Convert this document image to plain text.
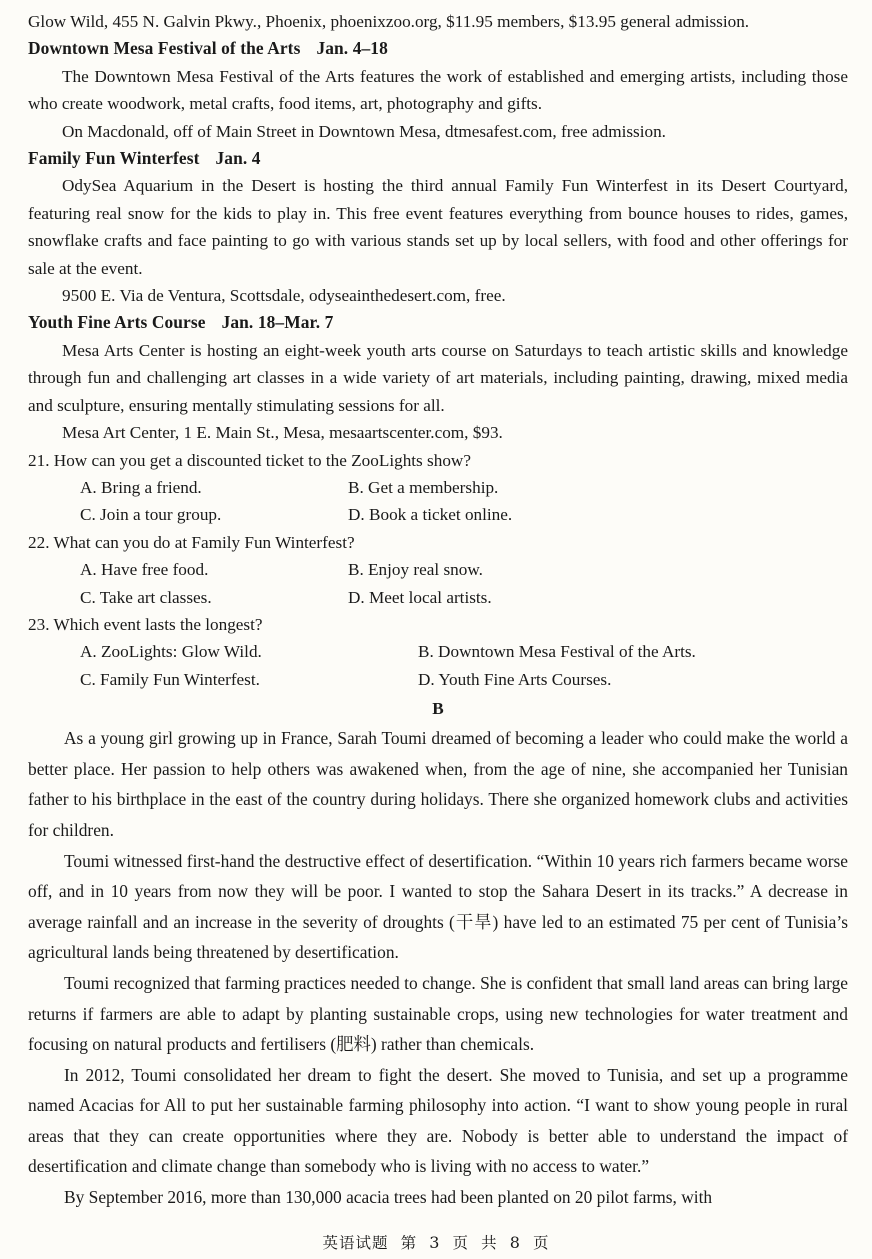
Glow Wild, 455 N. Galvin Pkwy., Phoenix, phoenixzoo.org, $11.95 members, $13.95 general admission.

Downtown Mesa Festival of the Arts Jan. 4–18

The Downtown Mesa Festival of the Arts features the work of established and emerging artists, including those who create woodwork, metal crafts, food items, art, photography and gifts.

On Macdonald, off of Main Street in Downtown Mesa, dtmesafest.com, free admission.

Family Fun Winterfest Jan. 4

OdySea Aquarium in the Desert is hosting the third annual Family Fun Winterfest in its Desert Courtyard, featuring real snow for the kids to play in. This free event features everything from bounce houses to rides, games, snowflake crafts and face painting to go with various stands set up by local sellers, with food and other offerings for sale at the event.

9500 E. Via de Ventura, Scottsdale, odyseainthedesert.com, free.

Youth Fine Arts Course Jan. 18–Mar. 7

Mesa Arts Center is hosting an eight-week youth arts course on Saturdays to teach artistic skills and knowledge through fun and challenging art classes in a wide variety of art materials, including painting, drawing, mixed media and sculpture, ensuring mentally stimulating sessions for all.

Mesa Art Center, 1 E. Main St., Mesa, mesaartscenter.com, $93.

21. How can you get a discounted ticket to the ZooLights show?

A. Bring a friend.	B. Get a membership.
C. Join a tour group.	D. Book a ticket online.

22. What can you do at Family Fun Winterfest?

A. Have free food.	B. Enjoy real snow.
C. Take art classes.	D. Meet local artists.

23. Which event lasts the longest?

A. ZooLights: Glow Wild.	B. Downtown Mesa Festival of the Arts.
C. Family Fun Winterfest.	D. Youth Fine Arts Courses.
B

As a young girl growing up in France, Sarah Toumi dreamed of becoming a leader who could make the world a better place. Her passion to help others was awakened when, from the age of nine, she accompanied her Tunisian father to his birthplace in the east of the country during holidays. There she organized homework clubs and activities for children.

Toumi witnessed first-hand the destructive effect of desertification. “Within 10 years rich farmers became worse off, and in 10 years from now they will be poor. I wanted to stop the Sahara Desert in its tracks.” A decrease in average rainfall and an increase in the severity of droughts (干旱) have led to an estimated 75 per cent of Tunisia’s agricultural lands being threatened by desertification.

Toumi recognized that farming practices needed to change. She is confident that small land areas can bring large returns if farmers are able to adapt by planting sustainable crops, using new technologies for water treatment and focusing on natural products and fertilisers (肥料) rather than chemicals.

In 2012, Toumi consolidated her dream to fight the desert. She moved to Tunisia, and set up a programme named Acacias for All to put her sustainable farming philosophy into action. “I want to show young people in rural areas that they can create opportunities where they are. Nobody is better able to understand the impact of desertification and climate change than somebody who is living with no access to water.”

By September 2016, more than 130,000 acacia trees had been planted on 20 pilot farms, with

英语试题 第 3 页 共 8 页
